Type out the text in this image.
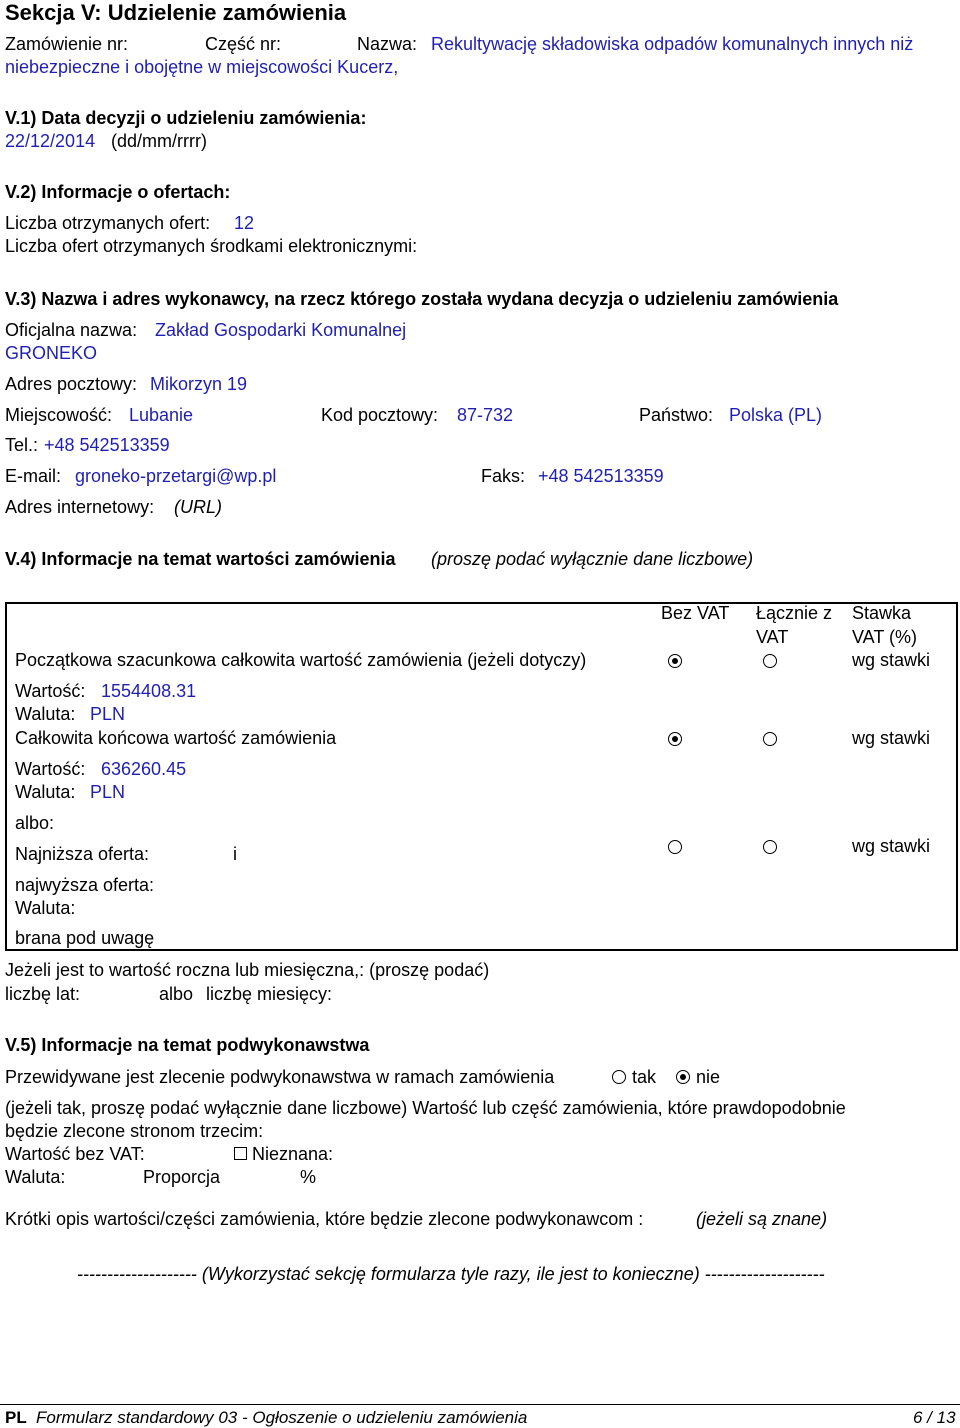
Sekcja V: Udzielenie zamówienia
Zamówienie nr:	Część nr:	Nazwa: Rekultywację składowiska odpadów komunalnych innych niż
niebezpieczne i obojętne w miejscowości Kucerz,
V.1) Data decyzji o udzieleniu zamówienia:
22/12/2014 (dd/mm/rrrr)
V.2) Informacje o ofertach:
Liczba otrzymanych ofert: 12
Liczba ofert otrzymanych środkami elektronicznymi:
V.3) Nazwa i adres wykonawcy, na rzecz którego została wydana decyzja o udzieleniu zamówienia
Oficjalna nazwa: Zakład Gospodarki Komunalnej
GRONEKO
Adres pocztowy: Mikorzyn 19
Miejscowość: Lubanie	Kod pocztowy: 87-732	Państwo: Polska (PL)
Tel.: +48 542513359
E-mail: groneko-przetargi@wp.pl	Faks: +48 542513359
Adres internetowy: (URL)
V.4) Informacje na temat wartości zamówienia (proszę podać wyłącznie dane liczbowe)
Bez VAT Łącznie z
VAT
Stawka
VAT (%)
Początkowa szacunkowa całkowita wartość zamówienia (jeżeli dotyczy)	wg stawki
Wartość: 1554408.31
Waluta: PLN
Całkowita końcowa wartość zamówienia	wg stawki
Wartość: 636260.45
Waluta: PLN
albo:
Najniższa oferta:	i	wg stawki
najwyższa oferta:
Waluta:
brana pod uwagę
Jeżeli jest to wartość roczna lub miesięczna,: (proszę podać)
liczbę lat:	albo liczbę miesięcy:
V.5) Informacje na temat podwykonawstwa
Przewidywane jest zlecenie podwykonawstwa w ramach zamówienia	tak nie
(jeżeli tak, proszę podać wyłącznie dane liczbowe) Wartość lub część zamówienia, które prawdopodobnie
będzie zlecone stronom trzecim:
Wartość bez VAT:	Nieznana:
Waluta:	Proporcja	%
Krótki opis wartości/części zamówienia, które będzie zlecone podwykonawcom :	(jeżeli są znane)
-------------------- (Wykorzystać sekcję formularza tyle razy, ile jest to konieczne) --------------------
PL Formularz standardowy 03 - Ogłoszenie o udzieleniu zamówienia	6 / 13
